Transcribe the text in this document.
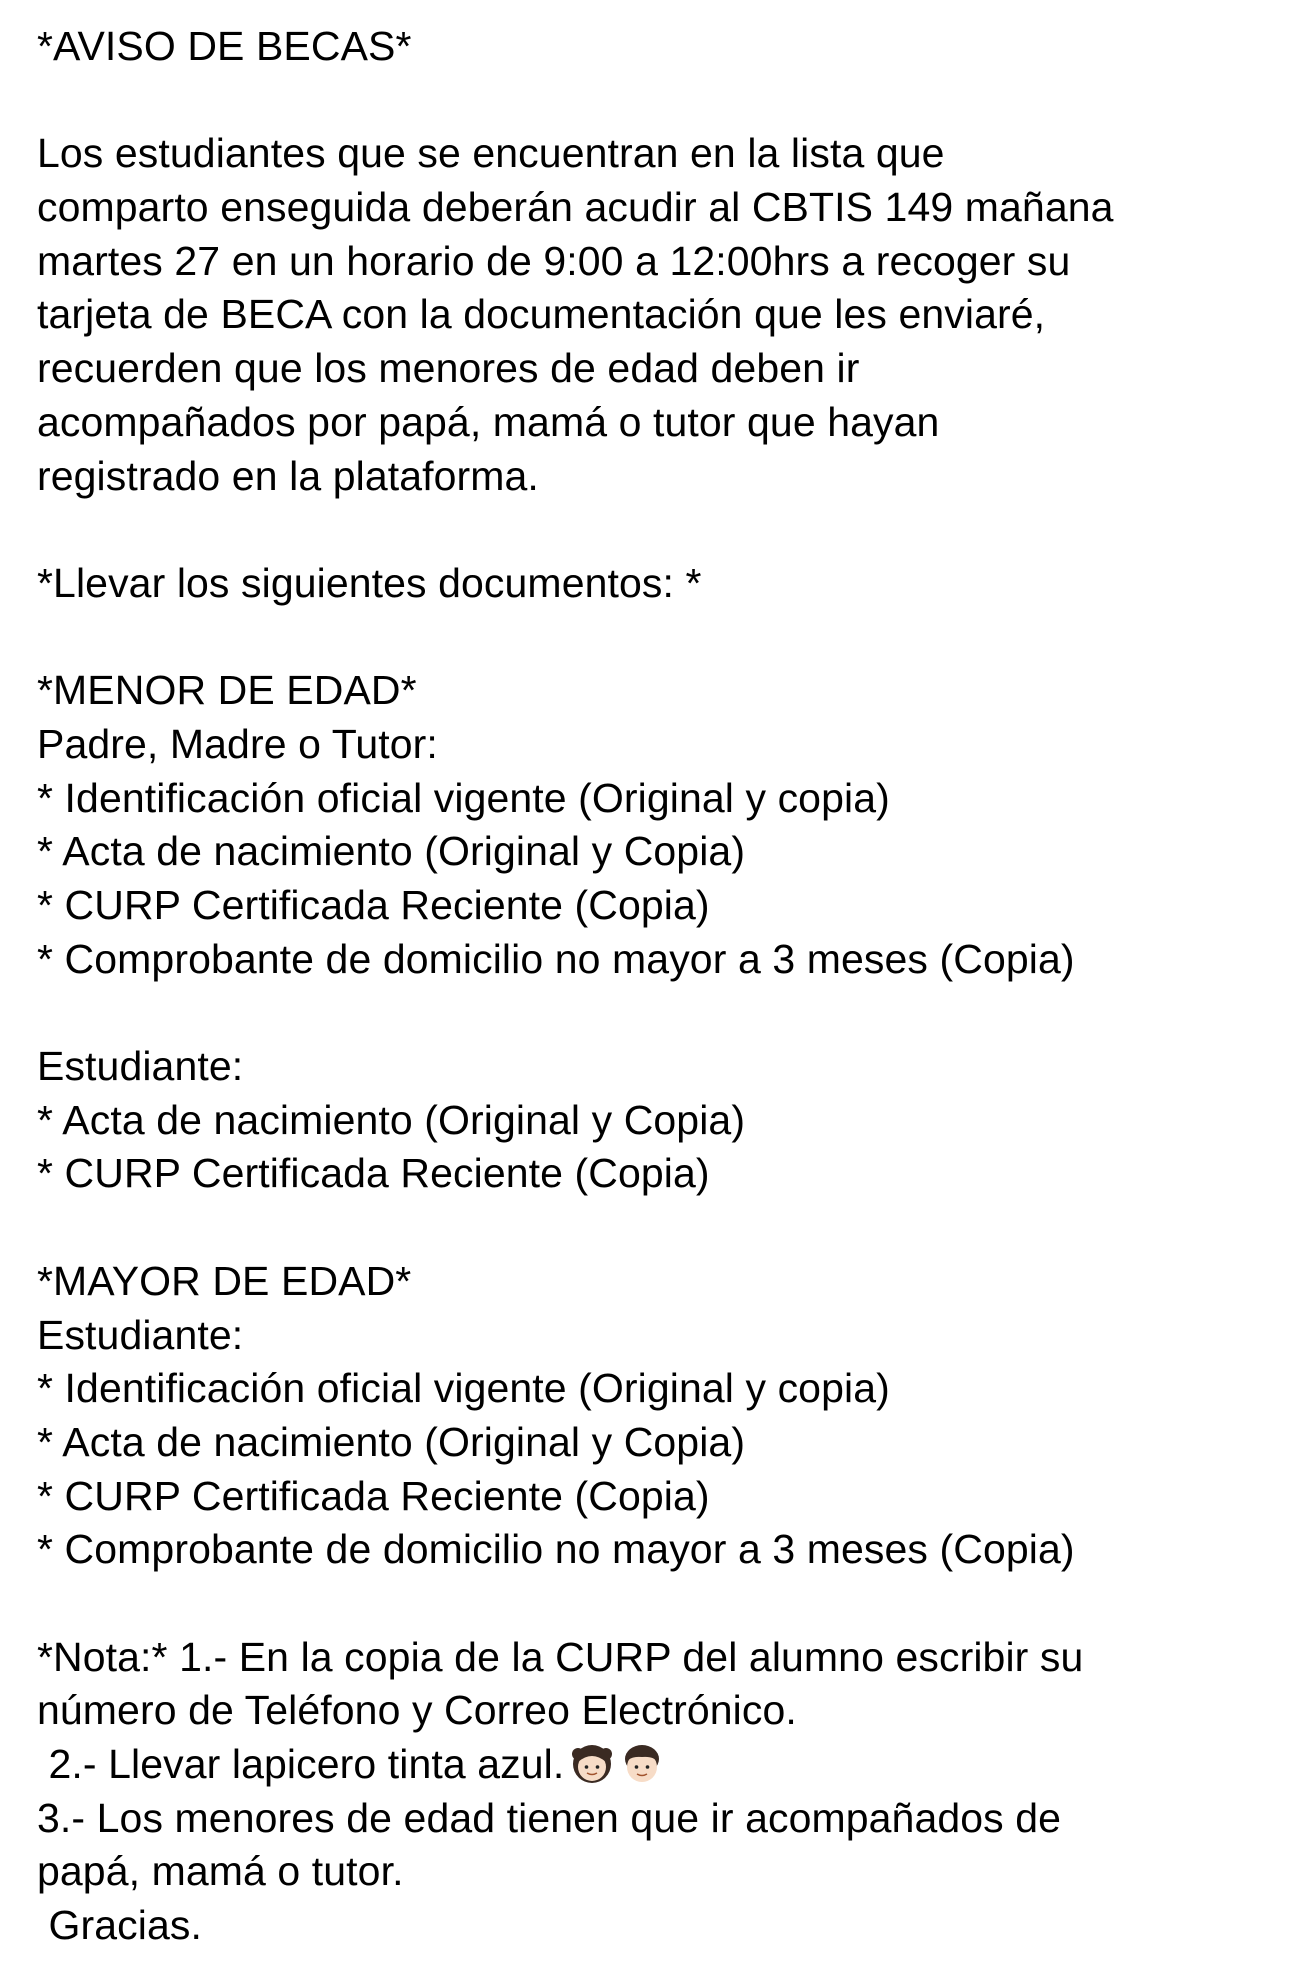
*AVISO DE BECAS*
Los estudiantes que se encuentran en la lista que
comparto enseguida deberán acudir al CBTIS 149 mañana
martes 27 en un horario de 9:00 a 12:00hrs a recoger su
tarjeta de BECA con la documentación que les enviaré,
recuerden que los menores de edad deben ir
acompañados por papá, mamá o tutor que hayan
registrado en la plataforma.
*Llevar los siguientes documentos: *
*MENOR DE EDAD*
Padre, Madre o Tutor:
* Identificación oficial vigente (Original y copia)
* Acta de nacimiento (Original y Copia)
* CURP Certificada Reciente (Copia)
* Comprobante de domicilio no mayor a 3 meses (Copia)
Estudiante:
* Acta de nacimiento (Original y Copia)
* CURP Certificada Reciente (Copia)
*MAYOR DE EDAD*
Estudiante:
* Identificación oficial vigente (Original y copia)
* Acta de nacimiento (Original y Copia)
* CURP Certificada Reciente (Copia)
* Comprobante de domicilio no mayor a 3 meses (Copia)
*Nota:* 1.- En la copia de la CURP del alumno escribir su
número de Teléfono y Correo Electrónico.
2.- Llevar lapicero tinta azul.
3.- Los menores de edad tienen que ir acompañados de
papá, mamá o tutor.
Gracias.
